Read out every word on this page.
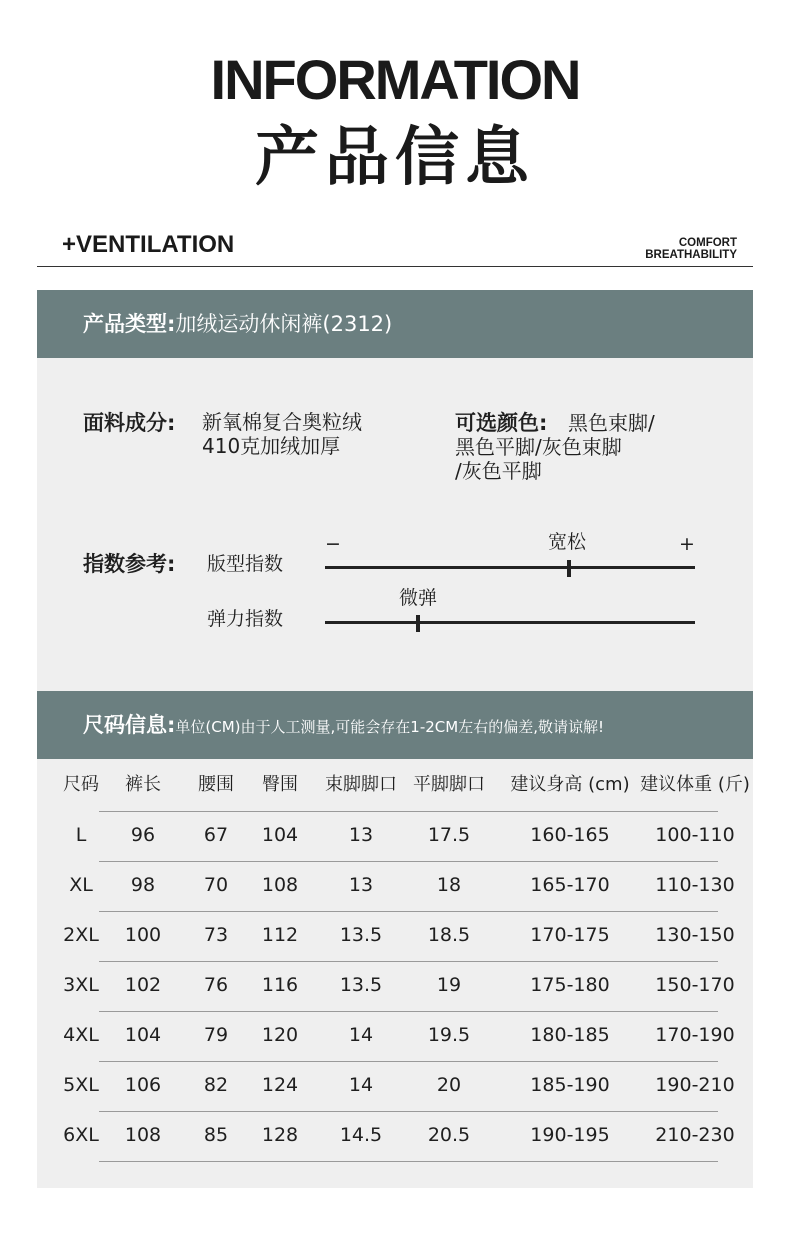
INFORMATION
产品信息
+VENTILATION	COMFORT
BREATHABILITY
产品类型:加绒运动休闲裤(2312)
面料成分: 新氧棉复合奥粒绒
410克加绒加厚
可选颜色: 黑色束脚/
黑色平脚/灰色束脚
/灰色平脚
指数参考:
−	+
版型指数
宽松
弹力指数
微弹
尺码信息:单位(CM)由于人工测量,可能会存在1-2CM左右的偏差,敬请谅解!
尺码 裤长 腰围 臀围 束脚脚口 平脚脚口 建议身高 (cm) 建议体重 (斤)
L 96	67 104	13	17.5	160-165 100-110
XL 98	70 108	13	18	165-170 110-130
2XL 100 73 112 13.5 18.5	170-175 130-150
3XL 102 76 116 13.5	19	175-180 150-170
4XL 104 79 120	14	19.5	180-185 170-190
5XL 106 82 124	14	20	185-190 190-210
6XL 108 85 128 14.5 20.5	190-195 210-230
